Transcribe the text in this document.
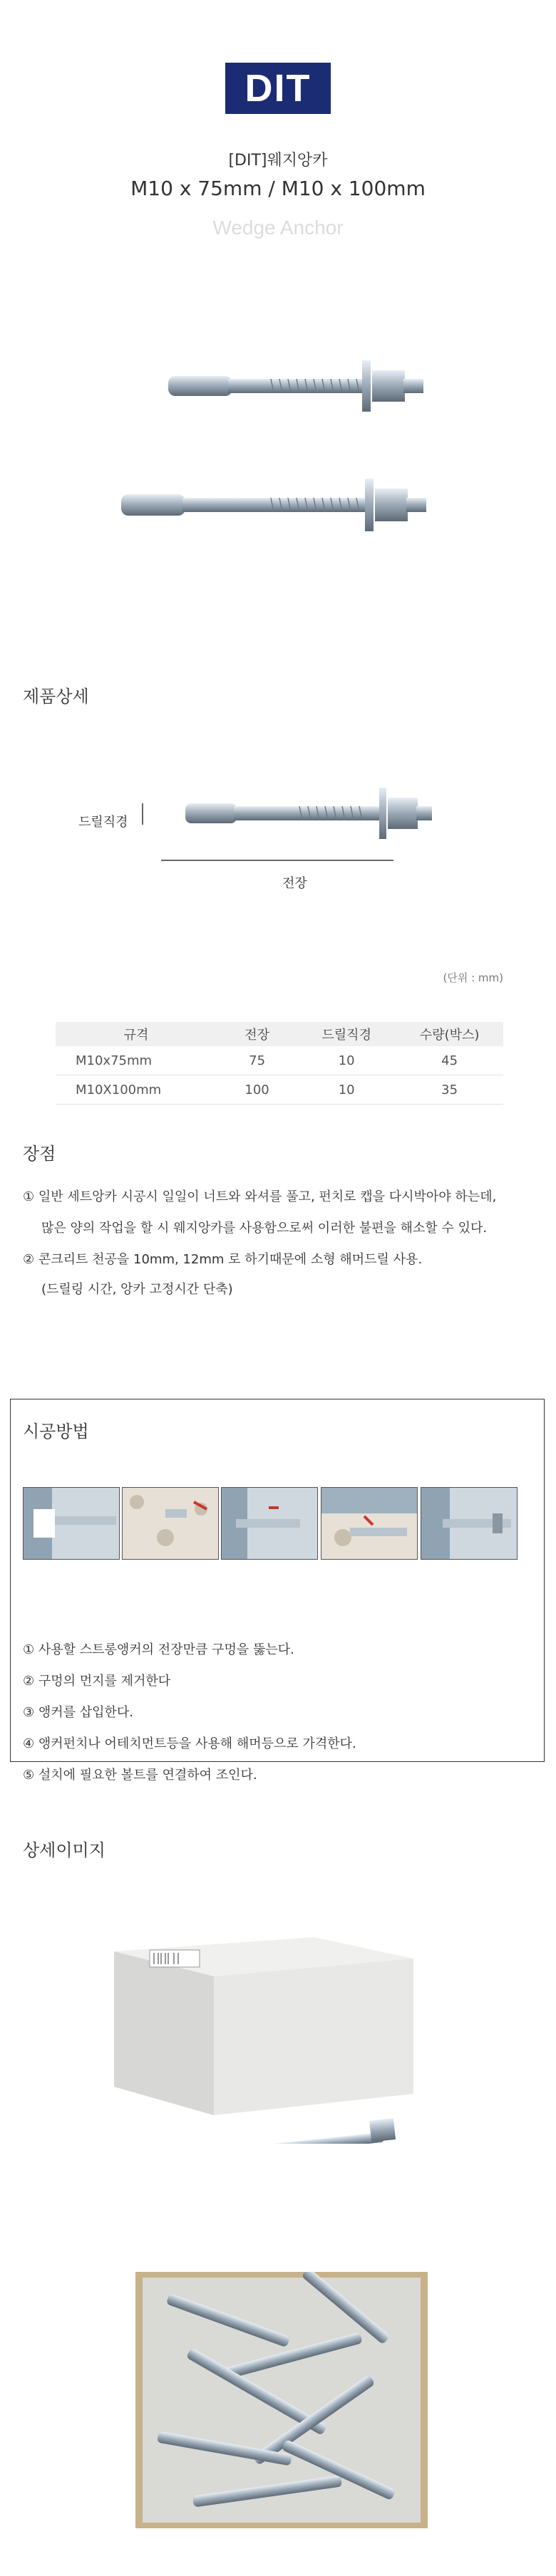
DIT
[DIT]웨지앙카
M10 x 75mm / M10 x 100mm
Wedge Anchor
제품상세
드릴직경
전장
(단위 : mm)
규격	전장	드릴직경	수량(박스)
M10x75mm	75	10	45
M10X100mm	100	10	35
장점
① 일반 세트앙카 시공시 일일이 너트와 와셔를 풀고, 펀치로 캡을 다시박아야 하는데,
많은 양의 작업을 할 시 웨지앙카를 사용함으로써 이러한 불편을 해소할 수 있다.
② 콘크리트 천공을 10mm, 12mm 로 하기때문에 소형 해머드릴 사용.
(드릴링 시간, 앙카 고정시간 단축)
시공방법
① 사용할 스트롱앵커의 전장만큼 구멍을 뚫는다.
② 구멍의 먼지를 제거한다
③ 앵커를 삽입한다.
④ 앵커펀치나 어테치먼트등을 사용해 해머등으로 가격한다.
⑤ 설치에 필요한 볼트를 연결하여 조인다.
상세이미지
